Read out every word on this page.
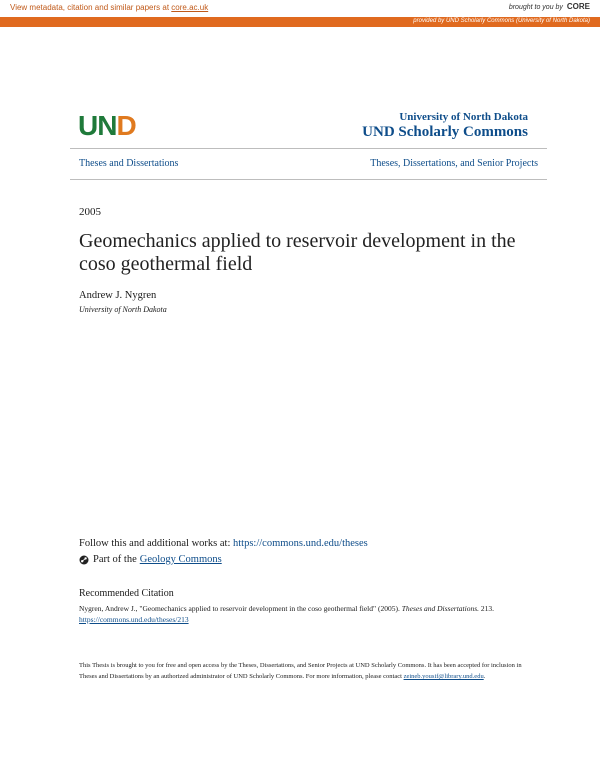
View metadata, citation and similar papers at core.ac.uk	brought to you by CORE
provided by UND Scholarly Commons (University of North Dakota)
UND	University of North Dakota
UND Scholarly Commons
Theses and Dissertations	Theses, Dissertations, and Senior Projects
2005
Geomechanics applied to reservoir development in the coso geothermal field
Andrew J. Nygren
University of North Dakota
Follow this and additional works at: https://commons.und.edu/theses
Part of the Geology Commons
Recommended Citation
Nygren, Andrew J., "Geomechanics applied to reservoir development in the coso geothermal field" (2005). Theses and Dissertations. 213.
https://commons.und.edu/theses/213
This Thesis is brought to you for free and open access by the Theses, Dissertations, and Senior Projects at UND Scholarly Commons. It has been accepted for inclusion in Theses and Dissertations by an authorized administrator of UND Scholarly Commons. For more information, please contact zeineb.yousif@library.und.edu.
